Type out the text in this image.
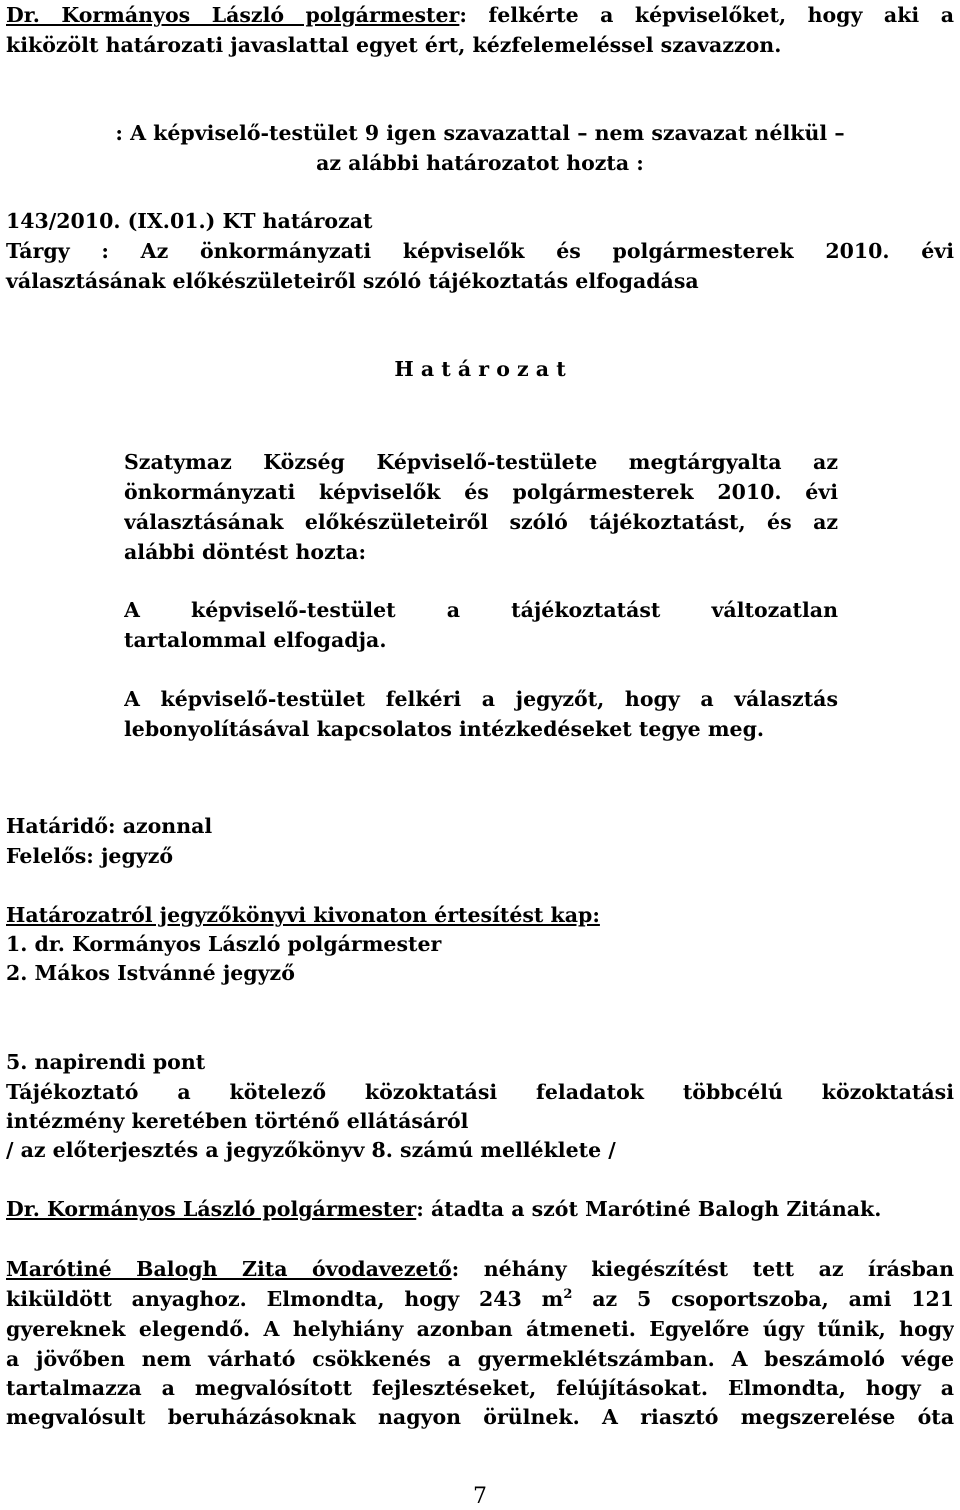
Dr. Kormányos László polgármester: felkérte a képviselőket, hogy aki a
kiközölt határozati javaslattal egyet ért, kézfelemeléssel szavazzon.
: A képviselő-testület 9 igen szavazattal – nem szavazat nélkül –
az alábbi határozatot hozta :
143/2010. (IX.01.) KT határozat
Tárgy : Az önkormányzati képviselők és polgármesterek 2010. évi
választásának előkészületeiről szóló tájékoztatás elfogadása
H a t á r o z a t
Szatymaz Község Képviselő-testülete megtárgyalta az
önkormányzati képviselők és polgármesterek 2010. évi
választásának előkészületeiről szóló tájékoztatást, és az
alábbi döntést hozta:
A képviselő-testület a tájékoztatást változatlan
tartalommal elfogadja.
A képviselő-testület felkéri a jegyzőt, hogy a választás
lebonyolításával kapcsolatos intézkedéseket tegye meg.
Határidő: azonnal
Felelős: jegyző
Határozatról jegyzőkönyvi kivonaton értesítést kap:
1. dr. Kormányos László polgármester
2. Mákos Istvánné jegyző
5. napirendi pont
Tájékoztató a kötelező közoktatási feladatok többcélú közoktatási
intézmény keretében történő ellátásáról
/ az előterjesztés a jegyzőkönyv 8. számú melléklete /
Dr. Kormányos László polgármester: átadta a szót Marótiné Balogh Zitának.
Marótiné Balogh Zita óvodavezető: néhány kiegészítést tett az írásban
kiküldött anyaghoz. Elmondta, hogy 243 $m^2$ az 5 csoportszoba, ami 121
gyereknek elegendő. A helyhiány azonban átmeneti. Egyelőre úgy tűnik, hogy
a jövőben nem várható csökkenés a gyermeklétszámban. A beszámoló vége
tartalmazza a megvalósított fejlesztéseket, felújításokat. Elmondta, hogy a
megvalósult beruházásoknak nagyon örülnek. A riasztó megszerelése óta
7
